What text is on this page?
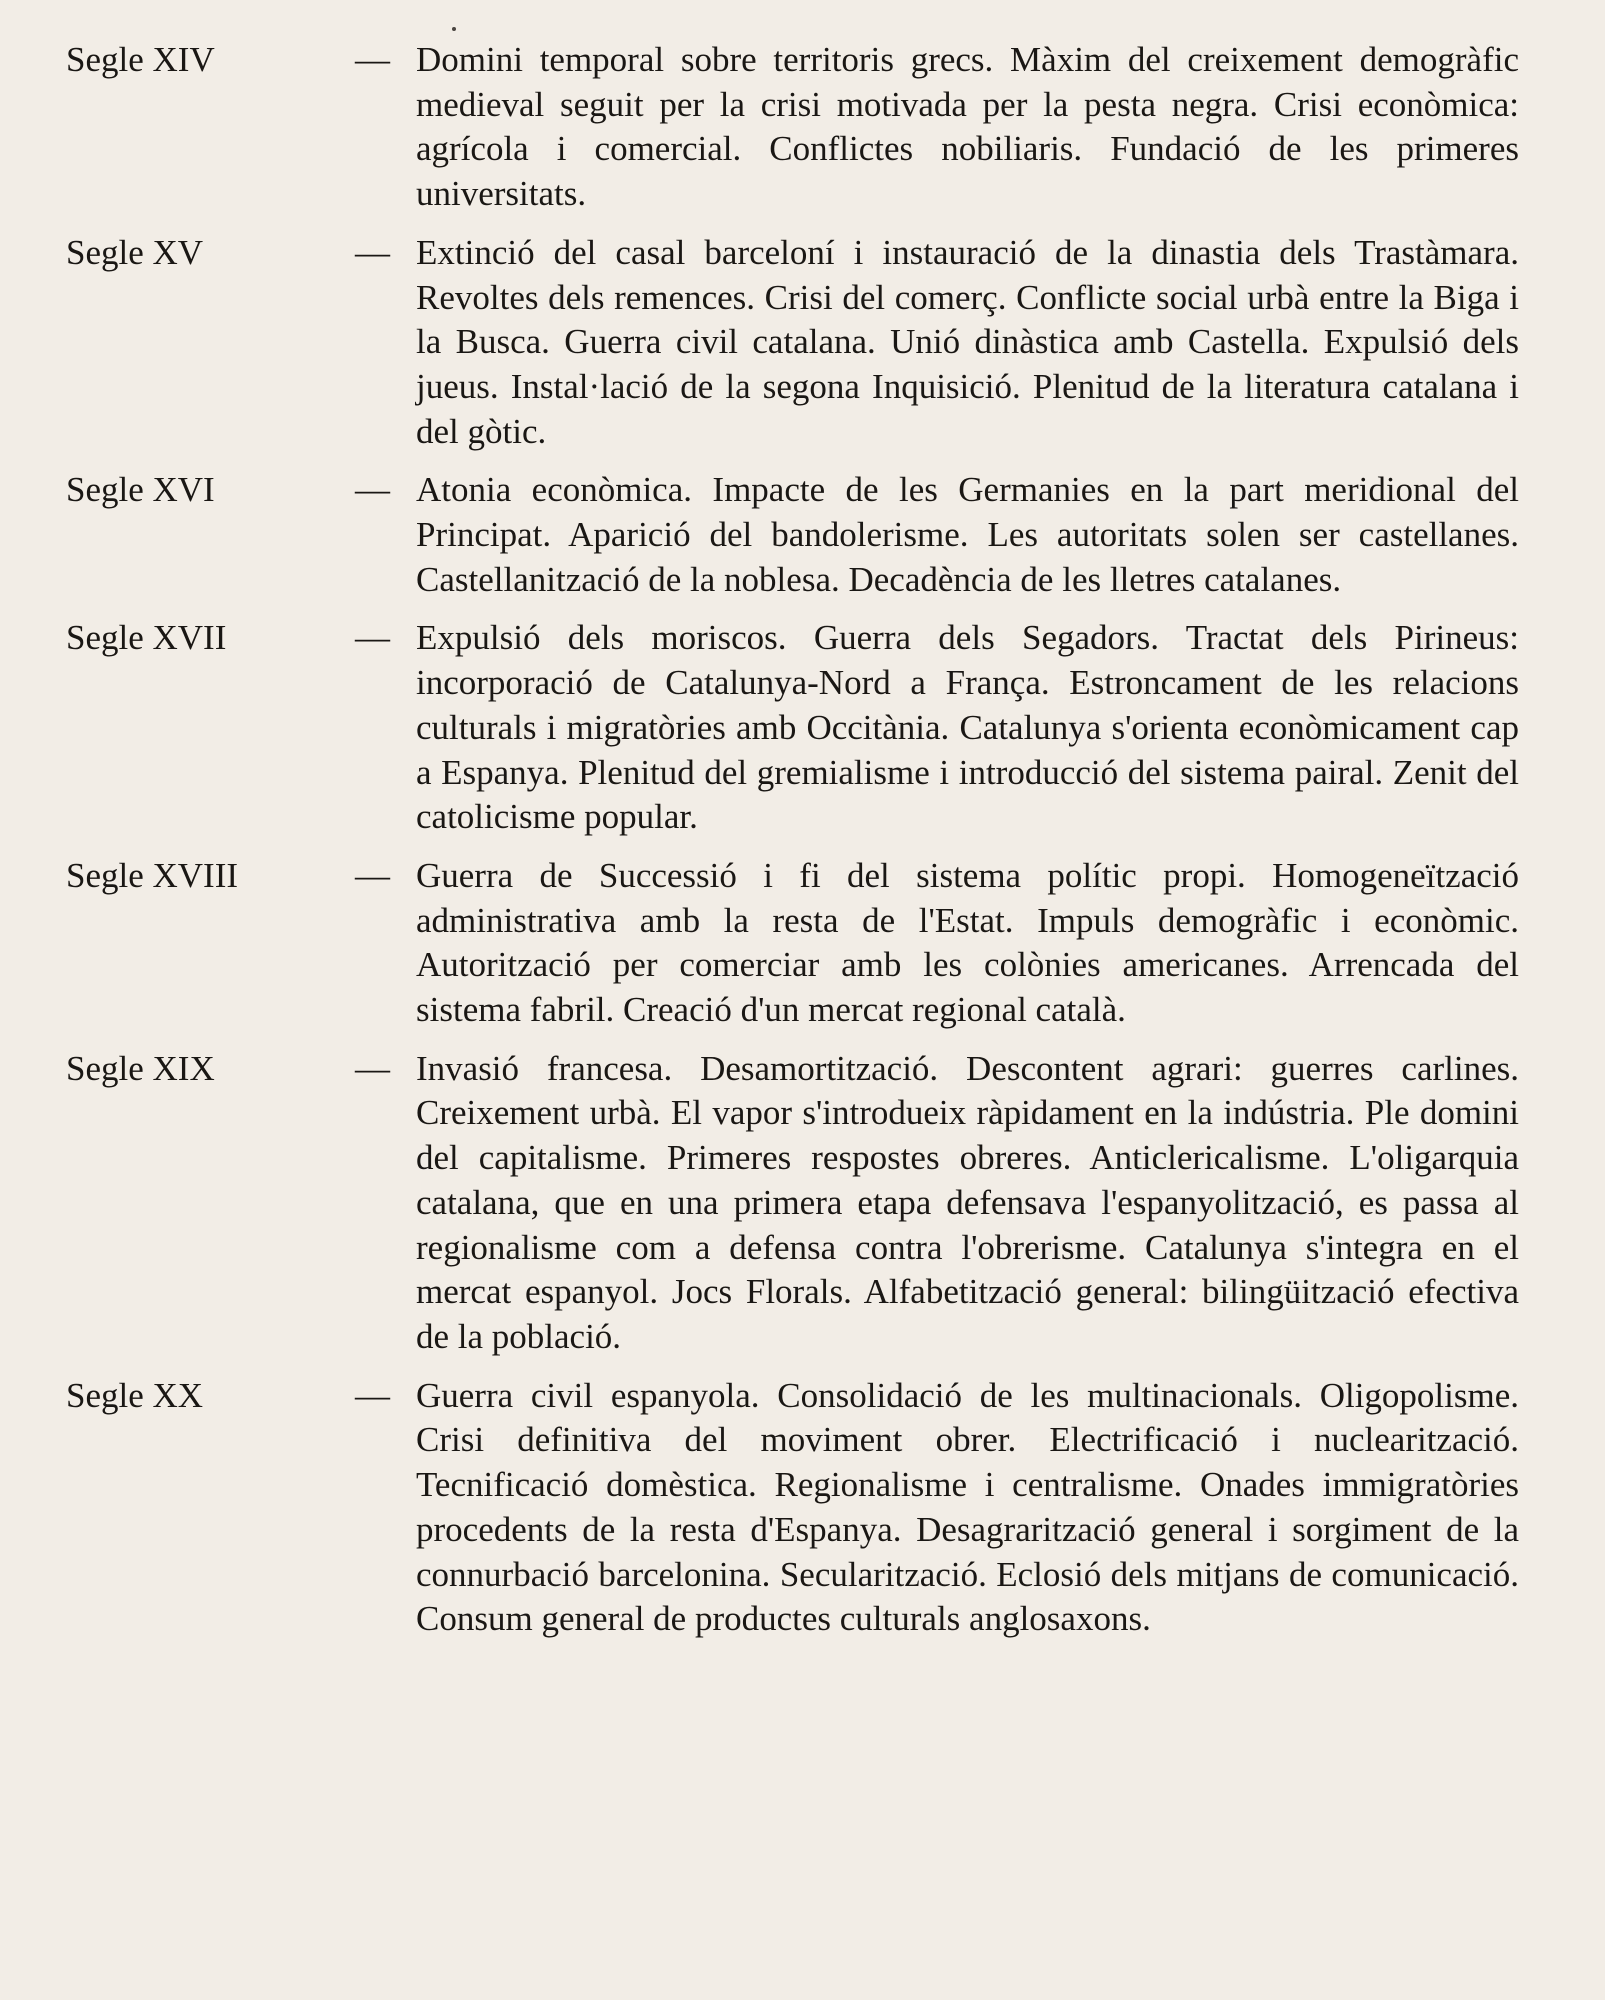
Segle XIV	— Domini temporal sobre territoris grecs. Màxim del creixement demogràfic medieval seguit per la crisi motivada per la pesta negra. Crisi econòmica: agrícola i comercial. Conflictes nobiliaris. Fundació de les primeres universitats.
Segle XV	— Extinció del casal barceloní i instauració de la dinastia dels Trastàmara. Revoltes dels remences. Crisi del comerç. Conflicte social urbà entre la Biga i la Busca. Guerra civil catalana. Unió dinàstica amb Castella. Expulsió dels jueus. Instal·lació de la segona Inquisició. Plenitud de la literatura catalana i del gòtic.
Segle XVI	— Atonia econòmica. Impacte de les Germanies en la part meridional del Principat. Aparició del bandolerisme. Les autoritats solen ser castellanes. Castellanització de la noblesa. Decadència de les lletres catalanes.
Segle XVII	— Expulsió dels moriscos. Guerra dels Segadors. Tractat dels Pirineus: incorporació de Catalunya-Nord a França. Estroncament de les relacions culturals i migratòries amb Occitània. Catalunya s'orienta econòmicament cap a Espanya. Plenitud del gremialisme i introducció del sistema pairal. Zenit del catolicisme popular.
Segle XVIII	— Guerra de Successió i fi del sistema polític propi. Homogeneïtzació administrativa amb la resta de l'Estat. Impuls demogràfic i econòmic. Autorització per comerciar amb les colònies americanes. Arrencada del sistema fabril. Creació d'un mercat regional català.
Segle XIX	— Invasió francesa. Desamortització. Descontent agrari: guerres carlines. Creixement urbà. El vapor s'introdueix ràpidament en la indústria. Ple domini del capitalisme. Primeres respostes obreres. Anticlericalisme. L'oligarquia catalana, que en una primera etapa defensava l'espanyolització, es passa al regionalisme com a defensa contra l'obrerisme. Catalunya s'integra en el mercat espanyol. Jocs Florals. Alfabetització general: bilingüització efectiva de la població.
Segle XX	— Guerra civil espanyola. Consolidació de les multinacionals. Oligopolisme. Crisi definitiva del moviment obrer. Electrificació i nuclearització. Tecnificació domèstica. Regionalisme i centralisme. Onades immigratòries procedents de la resta d'Espanya. Desagrarització general i sorgiment de la connurbació barcelonina. Secularització. Eclosió dels mitjans de comunicació. Consum general de productes culturals anglosaxons.
